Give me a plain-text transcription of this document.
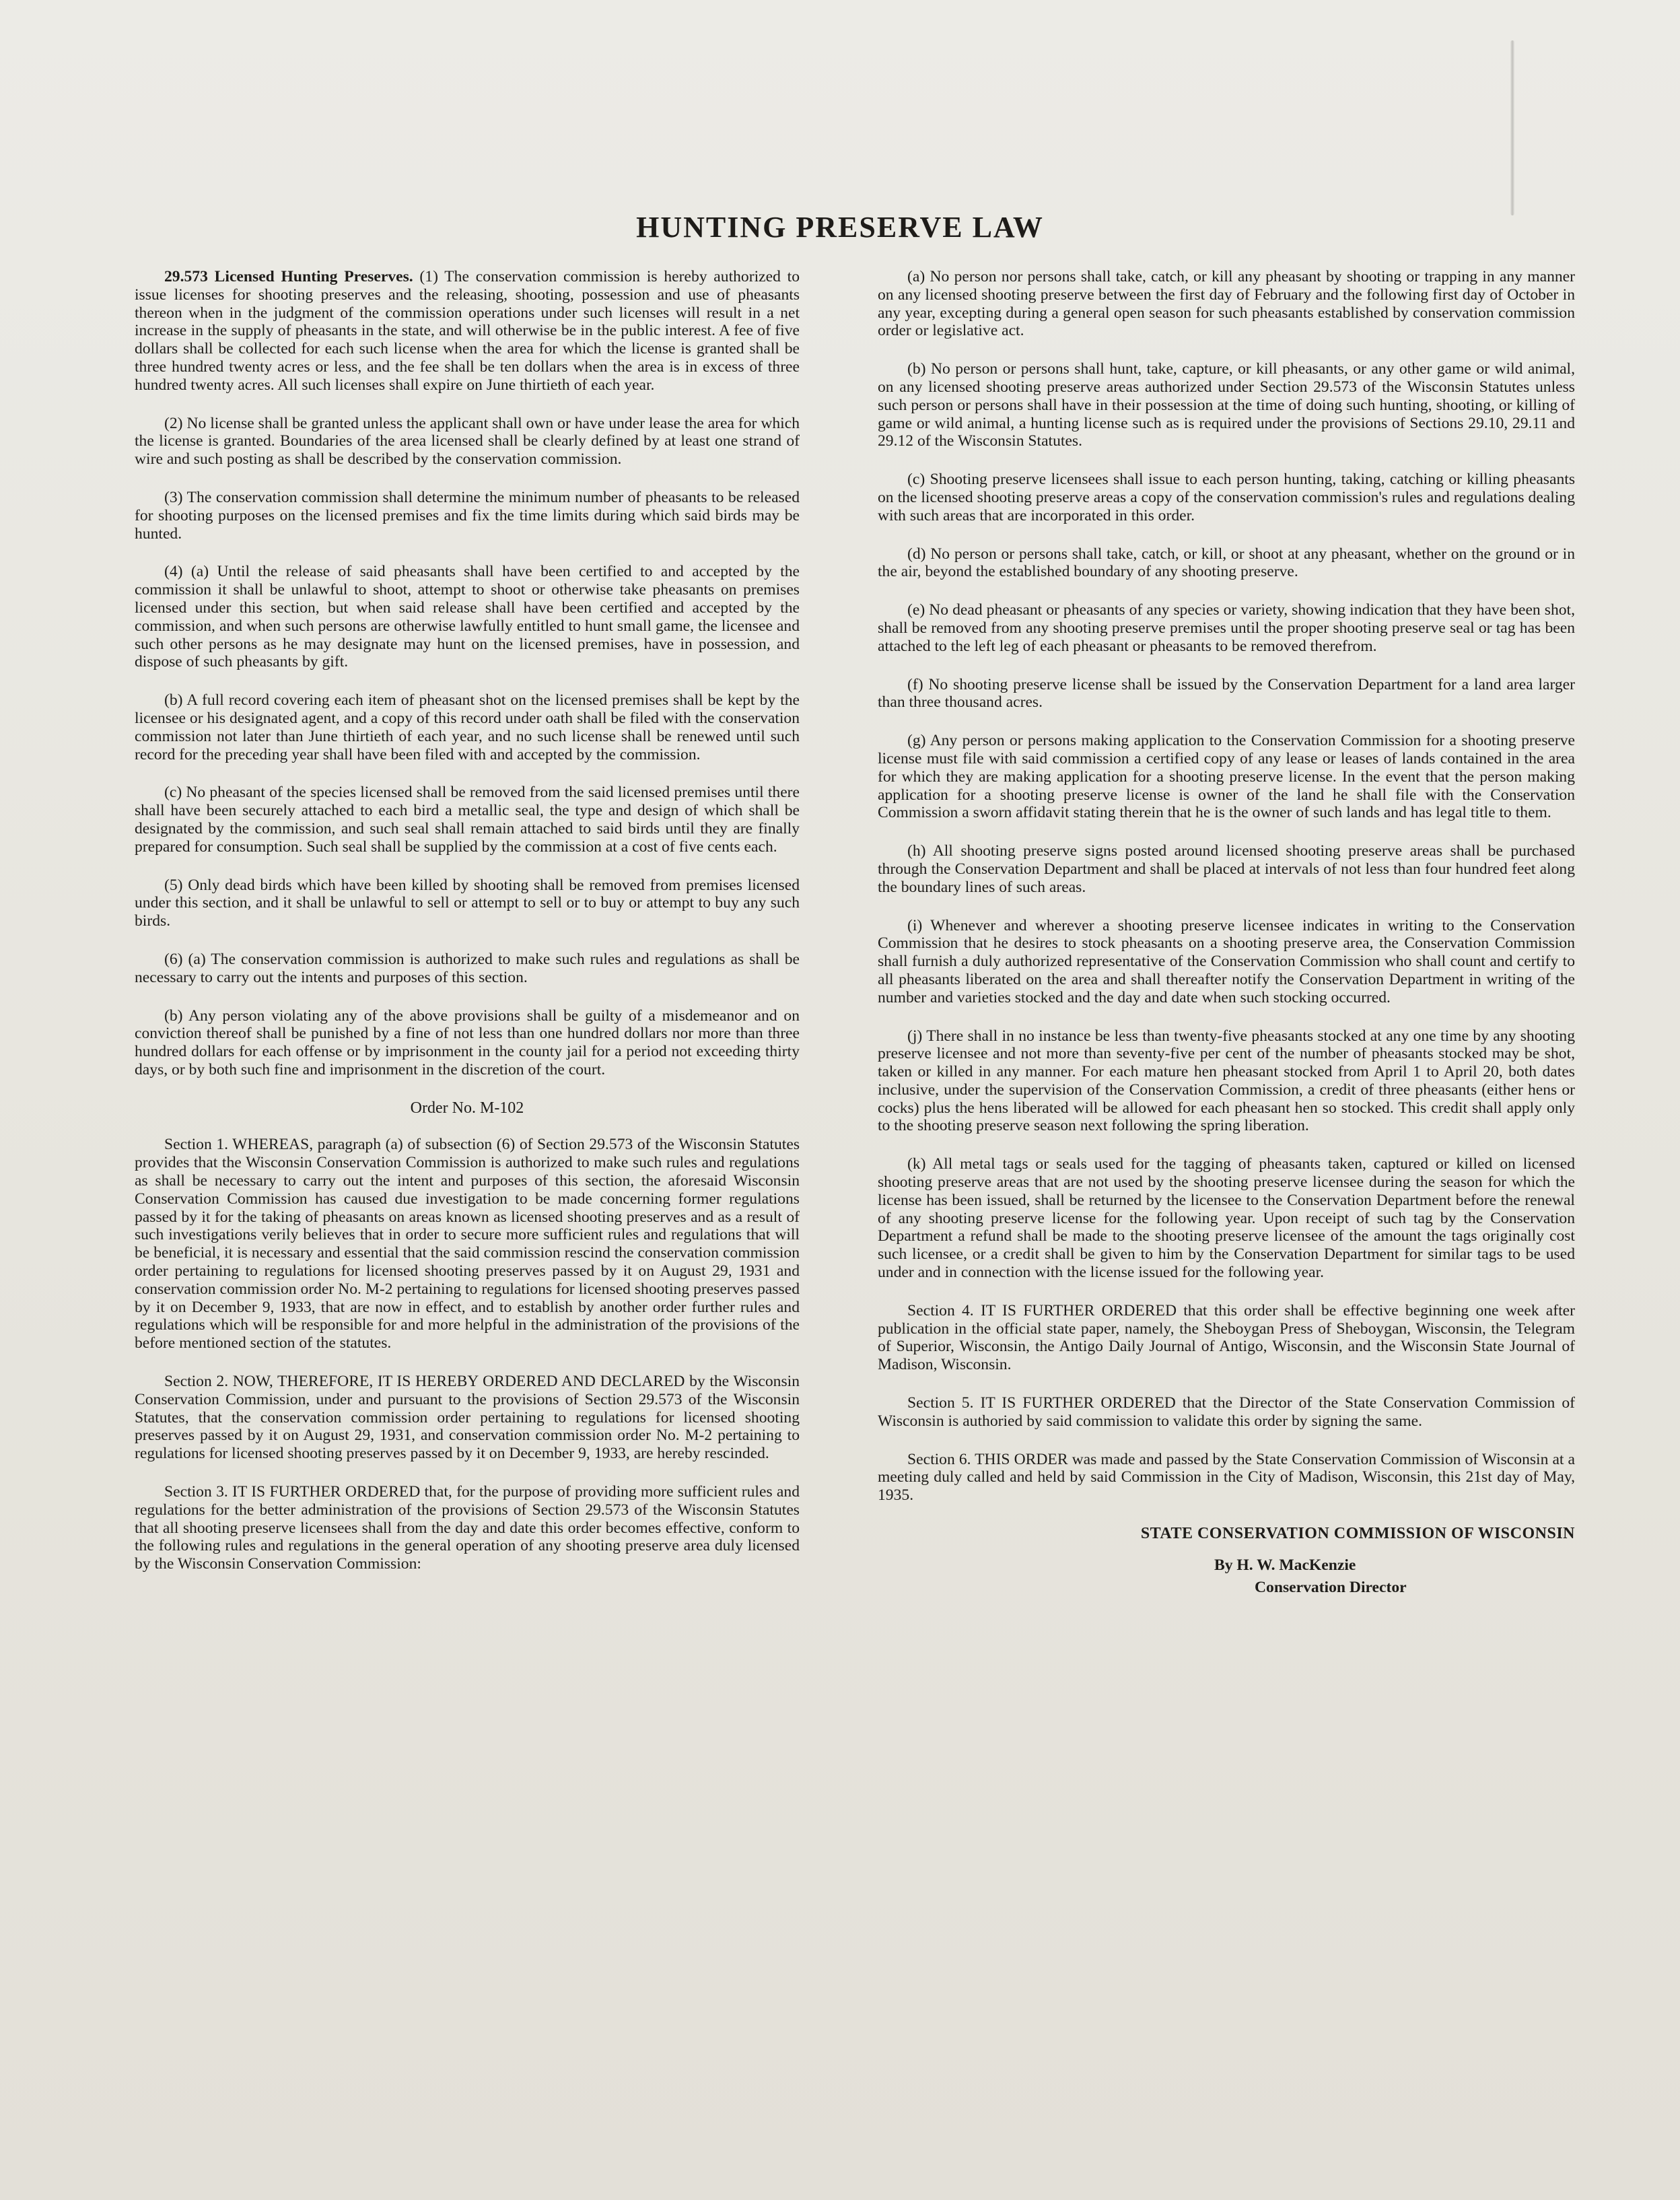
HUNTING PRESERVE LAW

29.573 Licensed Hunting Preserves. (1) The conservation commission is hereby authorized to issue licenses for shooting preserves and the releasing, shooting, possession and use of pheasants thereon when in the judgment of the commission operations under such licenses will result in a net increase in the supply of pheasants in the state, and will otherwise be in the public interest. A fee of five dollars shall be collected for each such license when the area for which the license is granted shall be three hundred twenty acres or less, and the fee shall be ten dollars when the area is in excess of three hundred twenty acres. All such licenses shall expire on June thirtieth of each year.

(2) No license shall be granted unless the applicant shall own or have under lease the area for which the license is granted. Boundaries of the area licensed shall be clearly defined by at least one strand of wire and such posting as shall be described by the conservation commission.

(3) The conservation commission shall determine the minimum number of pheasants to be released for shooting purposes on the licensed premises and fix the time limits during which said birds may be hunted.

(4) (a) Until the release of said pheasants shall have been certified to and accepted by the commission it shall be unlawful to shoot, attempt to shoot or otherwise take pheasants on premises licensed under this section, but when said release shall have been certified and accepted by the commission, and when such persons are otherwise lawfully entitled to hunt small game, the licensee and such other persons as he may designate may hunt on the licensed premises, have in possession, and dispose of such pheasants by gift.

(b) A full record covering each item of pheasant shot on the licensed premises shall be kept by the licensee or his designated agent, and a copy of this record under oath shall be filed with the conservation commission not later than June thirtieth of each year, and no such license shall be renewed until such record for the preceding year shall have been filed with and accepted by the commission.

(c) No pheasant of the species licensed shall be removed from the said licensed premises until there shall have been securely attached to each bird a metallic seal, the type and design of which shall be designated by the commission, and such seal shall remain attached to said birds until they are finally prepared for consumption. Such seal shall be supplied by the commission at a cost of five cents each.

(5) Only dead birds which have been killed by shooting shall be removed from premises licensed under this section, and it shall be unlawful to sell or attempt to sell or to buy or attempt to buy any such birds.

(6) (a) The conservation commission is authorized to make such rules and regulations as shall be necessary to carry out the intents and purposes of this section.

(b) Any person violating any of the above provisions shall be guilty of a misdemeanor and on conviction thereof shall be punished by a fine of not less than one hundred dollars nor more than three hundred dollars for each offense or by imprisonment in the county jail for a period not exceeding thirty days, or by both such fine and imprisonment in the discretion of the court.

Order No. M-102

Section 1. WHEREAS, paragraph (a) of subsection (6) of Section 29.573 of the Wisconsin Statutes provides that the Wisconsin Conservation Commission is authorized to make such rules and regulations as shall be necessary to carry out the intent and purposes of this section, the aforesaid Wisconsin Conservation Commission has caused due investigation to be made concerning former regulations passed by it for the taking of pheasants on areas known as licensed shooting preserves and as a result of such investigations verily believes that in order to secure more sufficient rules and regulations that will be beneficial, it is necessary and essential that the said commission rescind the conservation commission order pertaining to regulations for licensed shooting preserves passed by it on August 29, 1931 and conservation commission order No. M-2 pertaining to regulations for licensed shooting preserves passed by it on December 9, 1933, that are now in effect, and to establish by another order further rules and regulations which will be responsible for and more helpful in the administration of the provisions of the before mentioned section of the statutes.

Section 2. NOW, THEREFORE, IT IS HEREBY ORDERED AND DECLARED by the Wisconsin Conservation Commission, under and pursuant to the provisions of Section 29.573 of the Wisconsin Statutes, that the conservation commission order pertaining to regulations for licensed shooting preserves passed by it on August 29, 1931, and conservation commission order No. M-2 pertaining to regulations for licensed shooting preserves passed by it on December 9, 1933, are hereby rescinded.

Section 3. IT IS FURTHER ORDERED that, for the purpose of providing more sufficient rules and regulations for the better administration of the provisions of Section 29.573 of the Wisconsin Statutes that all shooting preserve licensees shall from the day and date this order becomes effective, conform to the following rules and regulations in the general operation of any shooting preserve area duly licensed by the Wisconsin Conservation Commission:

(a) No person nor persons shall take, catch, or kill any pheasant by shooting or trapping in any manner on any licensed shooting preserve between the first day of February and the following first day of October in any year, excepting during a general open season for such pheasants established by conservation commission order or legislative act.

(b) No person or persons shall hunt, take, capture, or kill pheasants, or any other game or wild animal, on any licensed shooting preserve areas authorized under Section 29.573 of the Wisconsin Statutes unless such person or persons shall have in their possession at the time of doing such hunting, shooting, or killing of game or wild animal, a hunting license such as is required under the provisions of Sections 29.10, 29.11 and 29.12 of the Wisconsin Statutes.

(c) Shooting preserve licensees shall issue to each person hunting, taking, catching or killing pheasants on the licensed shooting preserve areas a copy of the conservation commission's rules and regulations dealing with such areas that are incorporated in this order.

(d) No person or persons shall take, catch, or kill, or shoot at any pheasant, whether on the ground or in the air, beyond the established boundary of any shooting preserve.

(e) No dead pheasant or pheasants of any species or variety, showing indication that they have been shot, shall be removed from any shooting preserve premises until the proper shooting preserve seal or tag has been attached to the left leg of each pheasant or pheasants to be removed therefrom.

(f) No shooting preserve license shall be issued by the Conservation Department for a land area larger than three thousand acres.

(g) Any person or persons making application to the Conservation Commission for a shooting preserve license must file with said commission a certified copy of any lease or leases of lands contained in the area for which they are making application for a shooting preserve license. In the event that the person making application for a shooting preserve license is owner of the land he shall file with the Conservation Commission a sworn affidavit stating therein that he is the owner of such lands and has legal title to them.

(h) All shooting preserve signs posted around licensed shooting preserve areas shall be purchased through the Conservation Department and shall be placed at intervals of not less than four hundred feet along the boundary lines of such areas.

(i) Whenever and wherever a shooting preserve licensee indicates in writing to the Conservation Commission that he desires to stock pheasants on a shooting preserve area, the Conservation Commission shall furnish a duly authorized representative of the Conservation Commission who shall count and certify to all pheasants liberated on the area and shall thereafter notify the Conservation Department in writing of the number and varieties stocked and the day and date when such stocking occurred.

(j) There shall in no instance be less than twenty-five pheasants stocked at any one time by any shooting preserve licensee and not more than seventy-five per cent of the number of pheasants stocked may be shot, taken or killed in any manner. For each mature hen pheasant stocked from April 1 to April 20, both dates inclusive, under the supervision of the Conservation Commission, a credit of three pheasants (either hens or cocks) plus the hens liberated will be allowed for each pheasant hen so stocked. This credit shall apply only to the shooting preserve season next following the spring liberation.

(k) All metal tags or seals used for the tagging of pheasants taken, captured or killed on licensed shooting preserve areas that are not used by the shooting preserve licensee during the season for which the license has been issued, shall be returned by the licensee to the Conservation Department before the renewal of any shooting preserve license for the following year. Upon receipt of such tag by the Conservation Department a refund shall be made to the shooting preserve licensee of the amount the tags originally cost such licensee, or a credit shall be given to him by the Conservation Department for similar tags to be used under and in connection with the license issued for the following year.

Section 4. IT IS FURTHER ORDERED that this order shall be effective beginning one week after publication in the official state paper, namely, the Sheboygan Press of Sheboygan, Wisconsin, the Telegram of Superior, Wisconsin, the Antigo Daily Journal of Antigo, Wisconsin, and the Wisconsin State Journal of Madison, Wisconsin.

Section 5. IT IS FURTHER ORDERED that the Director of the State Conservation Commission of Wisconsin is authoried by said commission to validate this order by signing the same.

Section 6. THIS ORDER was made and passed by the State Conservation Commission of Wisconsin at a meeting duly called and held by said Commission in the City of Madison, Wisconsin, this 21st day of May, 1935.

STATE CONSERVATION COMMISSION OF WISCONSIN

By H. W. MacKenzie

Conservation Director
